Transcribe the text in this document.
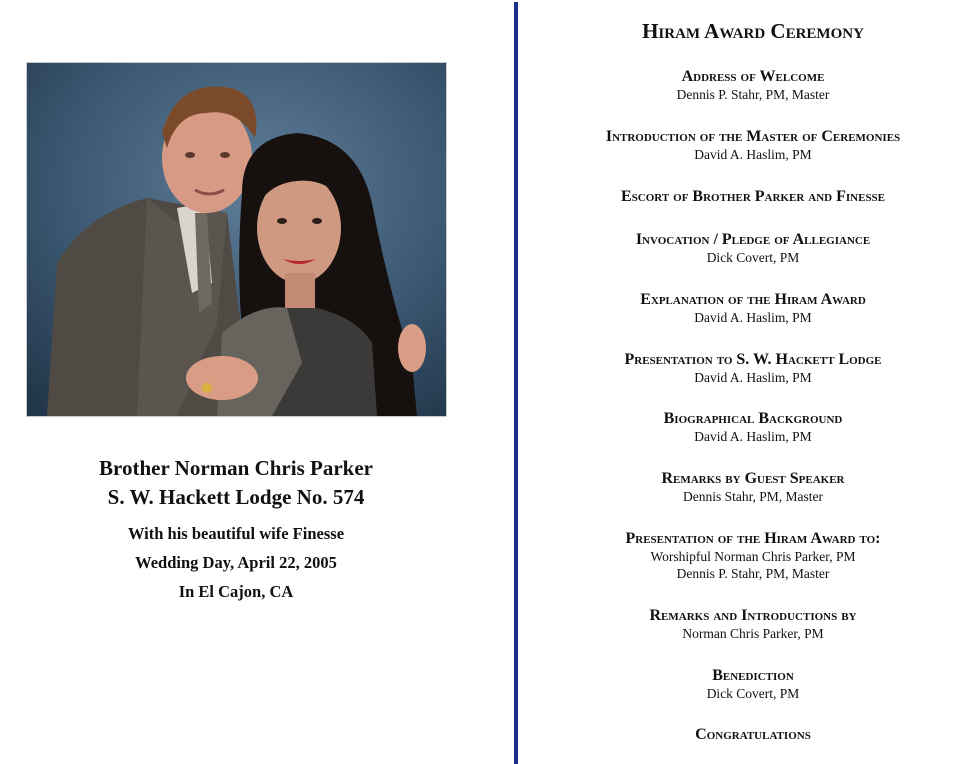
Brother Norman Chris Parker
S. W. Hackett Lodge No. 574
With his beautiful wife Finesse
Wedding Day, April 22, 2005
In El Cajon, CA
Hiram Award Ceremony
Address of Welcome
Dennis P. Stahr, PM, Master
Introduction of the Master of Ceremonies
David A. Haslim, PM
Escort of Brother Parker and Finesse
Invocation / Pledge of Allegiance
Dick Covert, PM
Explanation of the Hiram Award
David A. Haslim, PM
Presentation to S. W. Hackett Lodge
David A. Haslim, PM
Biographical Background
David A. Haslim, PM
Remarks by Guest Speaker
Dennis Stahr, PM, Master
Presentation of the Hiram Award to:
Worshipful Norman Chris Parker, PM
Dennis P. Stahr, PM, Master
Remarks and Introductions by
Norman Chris Parker, PM
Benediction
Dick Covert, PM
Congratulations
